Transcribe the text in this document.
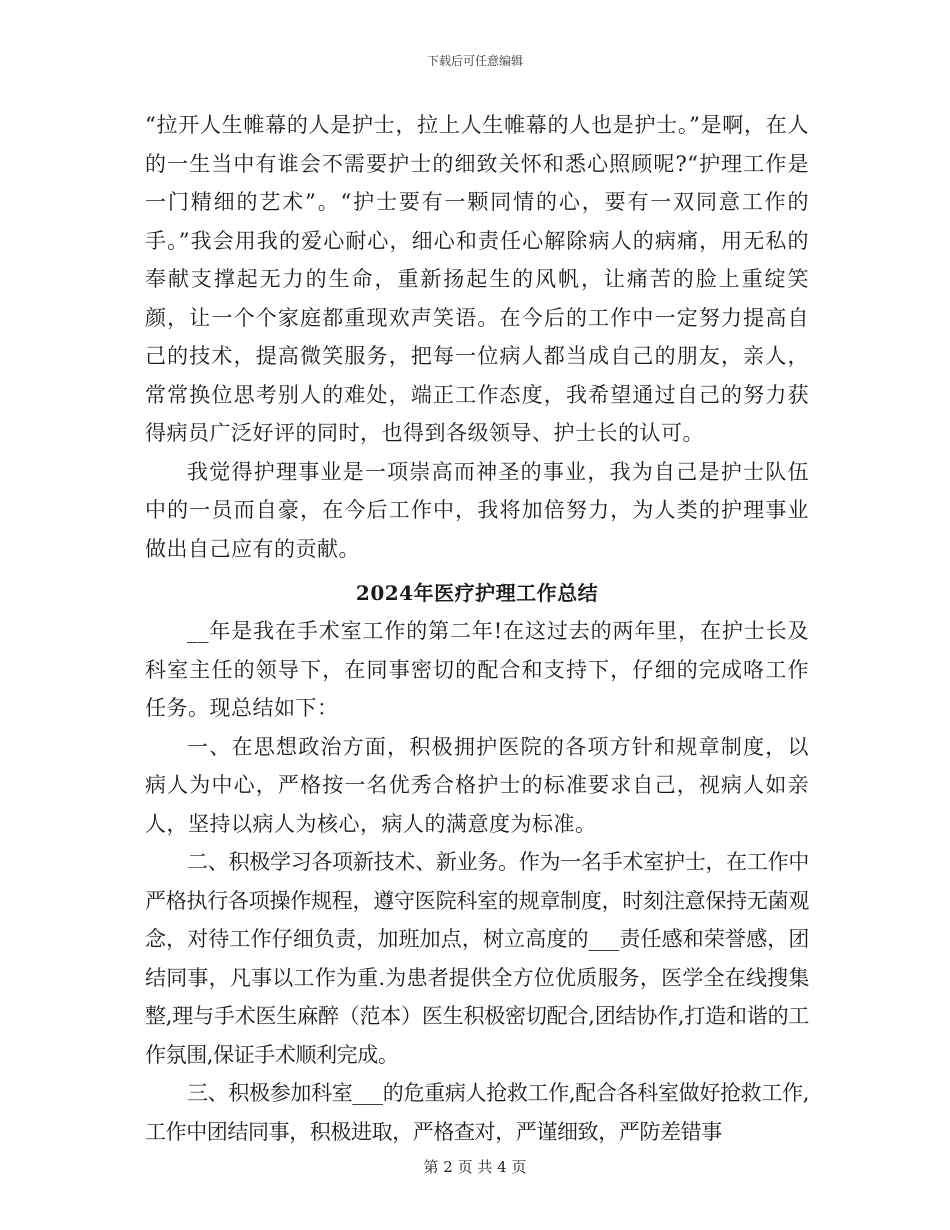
下载后可任意编辑

“拉开人生帷幕的人是护士，拉上人生帷幕的人也是护士。”是啊，在人的一生当中有谁会不需要护士的细致关怀和悉心照顾呢?“护理工作是一门精细的艺术”。“护士要有一颗同情的心，要有一双同意工作的手。”我会用我的爱心耐心，细心和责任心解除病人的病痛，用无私的奉献支撑起无力的生命，重新扬起生的风帆，让痛苦的脸上重绽笑颜，让一个个家庭都重现欢声笑语。在今后的工作中一定努力提高自己的技术，提高微笑服务，把每一位病人都当成自己的朋友，亲人，常常换位思考别人的难处，端正工作态度，我希望通过自己的努力获得病员广泛好评的同时，也得到各级领导、护士长的认可。

我觉得护理事业是一项崇高而神圣的事业，我为自己是护士队伍中的一员而自豪，在今后工作中，我将加倍努力，为人类的护理事业做出自己应有的贡献。

2024年医疗护理工作总结

__年是我在手术室工作的第二年!在这过去的两年里，在护士长及科室主任的领导下，在同事密切的配合和支持下，仔细的完成咯工作任务。现总结如下：

一、在思想政治方面，积极拥护医院的各项方针和规章制度，以病人为中心，严格按一名优秀合格护士的标准要求自己，视病人如亲人，坚持以病人为核心，病人的满意度为标准。

二、积极学习各项新技术、新业务。作为一名手术室护士，在工作中严格执行各项操作规程，遵守医院科室的规章制度，时刻注意保持无菌观念，对待工作仔细负责，加班加点，树立高度的___责任感和荣誉感，团结同事，凡事以工作为重.为患者提供全方位优质服务，医学全在线搜集整,理与手术医生麻醉（范本）医生积极密切配合,团结协作,打造和谐的工作氛围,保证手术顺利完成。

三、积极参加科室___的危重病人抢救工作,配合各科室做好抢救工作,工作中团结同事，积极进取，严格查对，严谨细致，严防差错事

第 2 页 共 4 页
